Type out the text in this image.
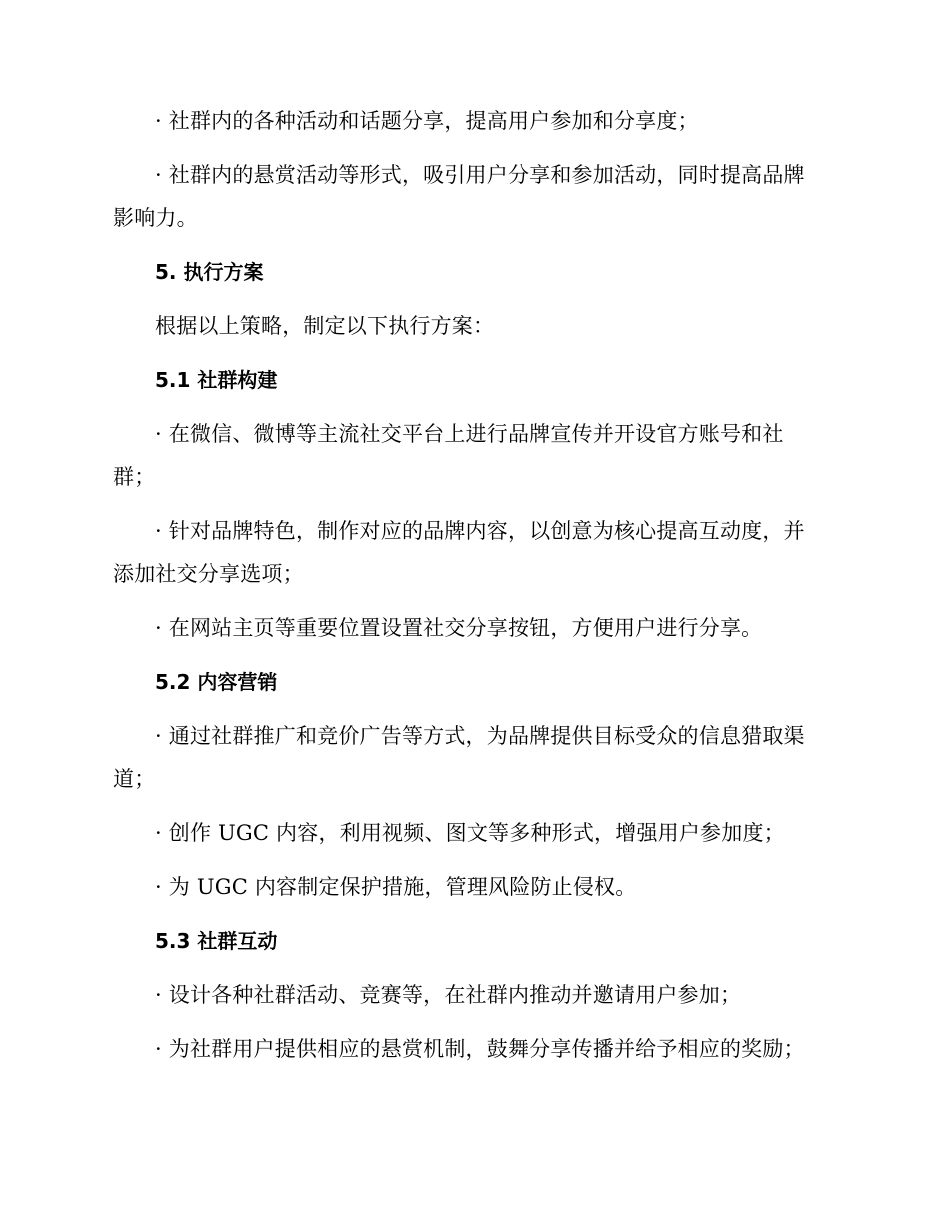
· 社群内的各种活动和话题分享，提高用户参加和分享度；

· 社群内的悬赏活动等形式，吸引用户分享和参加活动，同时提高品牌影响力。

5. 执行方案

根据以上策略，制定以下执行方案：

5.1 社群构建

· 在微信、微博等主流社交平台上进行品牌宣传并开设官方账号和社群；

· 针对品牌特色，制作对应的品牌内容，以创意为核心提高互动度，并添加社交分享选项；

· 在网站主页等重要位置设置社交分享按钮，方便用户进行分享。

5.2 内容营销

· 通过社群推广和竞价广告等方式，为品牌提供目标受众的信息猎取渠道；

· 创作 UGC 内容，利用视频、图文等多种形式，增强用户参加度；

· 为 UGC 内容制定保护措施，管理风险防止侵权。

5.3 社群互动

· 设计各种社群活动、竞赛等，在社群内推动并邀请用户参加；

· 为社群用户提供相应的悬赏机制，鼓舞分享传播并给予相应的奖励；
